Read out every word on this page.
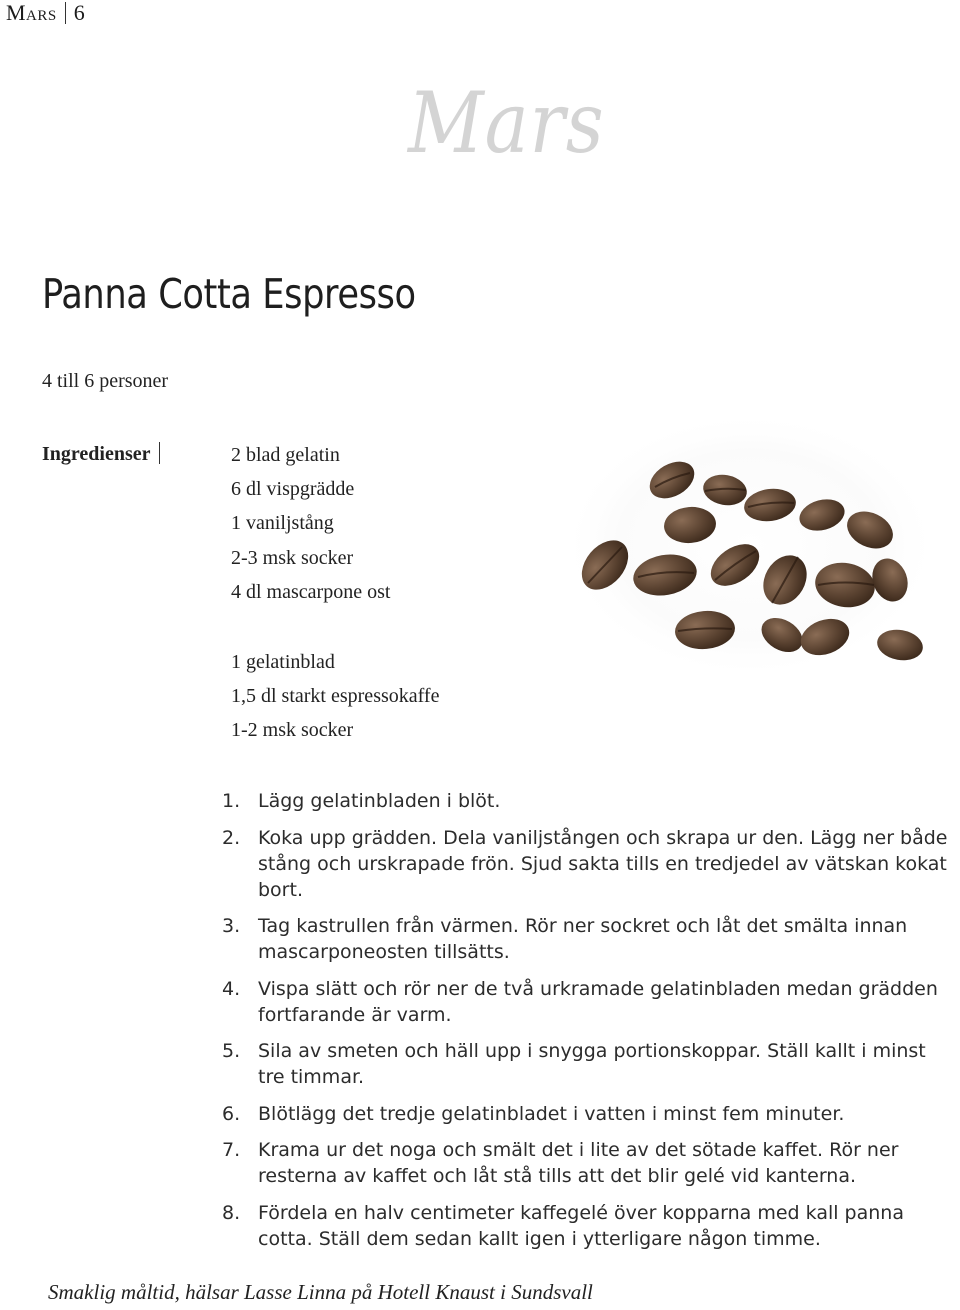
Mars 6
Mars
Panna Cotta Espresso
4 till 6 personer
Ingredienser	2 blad gelatin
6 dl vispgrädde
1 vaniljstång
2-3 msk socker
4 dl mascarpone ost
1 gelatinblad
1,5 dl starkt espressokaffe
1-2 msk socker
1. Lägg gelatinbladen i blöt.
2. Koka upp grädden. Dela vaniljstången och skrapa ur den. Lägg ner både stång och urskrapade frön. Sjud sakta tills en tredjedel av vätskan kokat bort.
3. Tag kastrullen från värmen. Rör ner sockret och låt det smälta innan mascarponeosten tillsätts.
4. Vispa slätt och rör ner de två urkramade gelatinbladen medan grädden fortfarande är varm.
5. Sila av smeten och häll upp i snygga portionskoppar. Ställ kallt i minst tre timmar.
6. Blötlägg det tredje gelatinbladet i vatten i minst fem minuter.
7. Krama ur det noga och smält det i lite av det sötade kaffet. Rör ner resterna av kaffet och låt stå tills att det blir gelé vid kanterna.
8. Fördela en halv centimeter kaffegelé över kopparna med kall panna cotta. Ställ dem sedan kallt igen i ytterligare någon timme.
Smaklig måltid, hälsar Lasse Linna på Hotell Knaust i Sundsvall
